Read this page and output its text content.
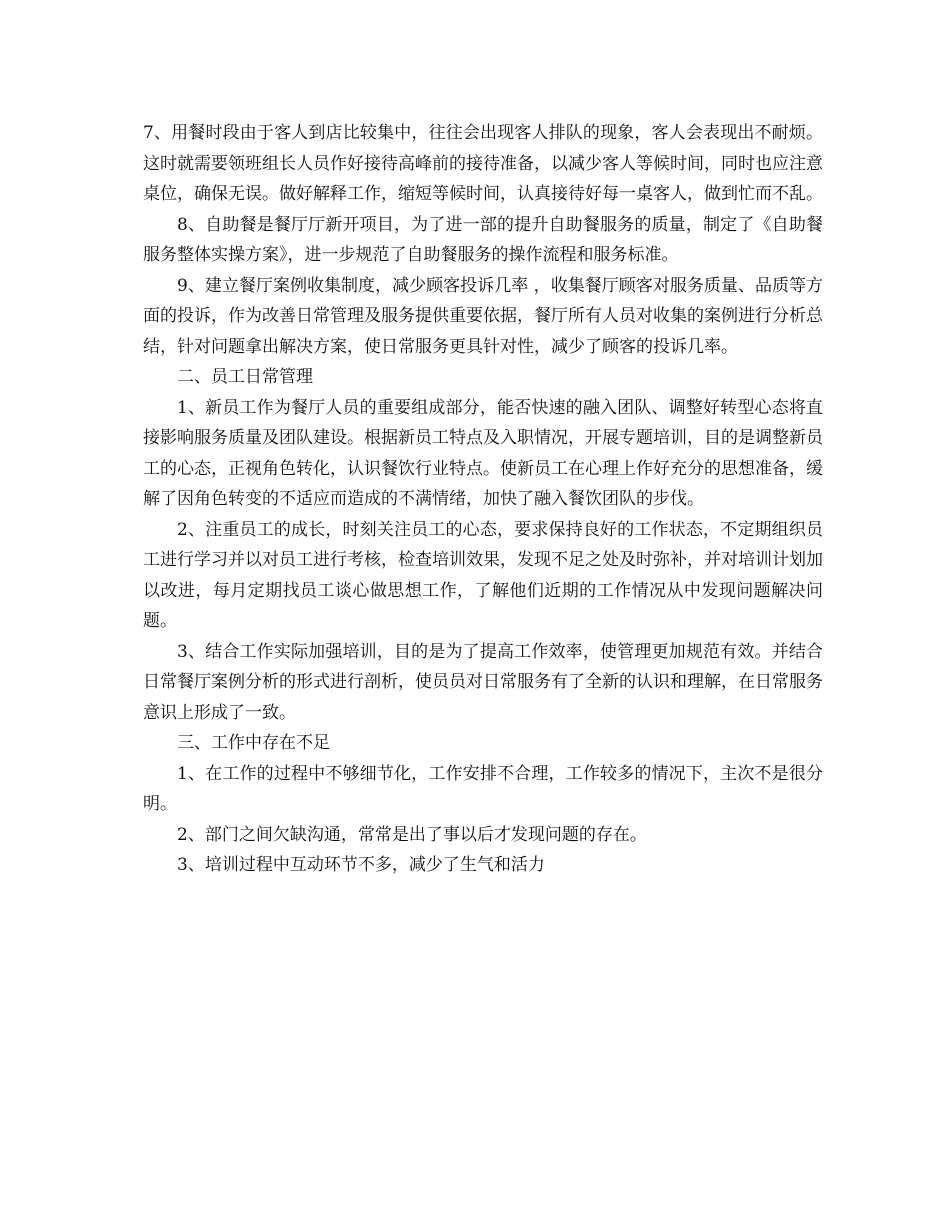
7、用餐时段由于客人到店比较集中，往往会出现客人排队的现象，客人会表现出不耐烦。这时就需要领班组长人员作好接待高峰前的接待准备，以减少客人等候时间，同时也应注意桌位，确保无误。做好解释工作，缩短等候时间，认真接待好每一桌客人，做到忙而不乱。

8、自助餐是餐厅厅新开项目，为了进一部的提升自助餐服务的质量，制定了《自助餐服务整体实操方案》，进一步规范了自助餐服务的操作流程和服务标准。

9、建立餐厅案例收集制度，减少顾客投诉几率 ，收集餐厅顾客对服务质量、品质等方面的投诉，作为改善日常管理及服务提供重要依据，餐厅所有人员对收集的案例进行分析总结，针对问题拿出解决方案，使日常服务更具针对性，减少了顾客的投诉几率。

二、员工日常管理

1、新员工作为餐厅人员的重要组成部分，能否快速的融入团队、调整好转型心态将直接影响服务质量及团队建设。根据新员工特点及入职情况，开展专题培训，目的是调整新员工的心态，正视角色转化，认识餐饮行业特点。使新员工在心理上作好充分的思想准备，缓解了因角色转变的不适应而造成的不满情绪，加快了融入餐饮团队的步伐。

2、注重员工的成长，时刻关注员工的心态，要求保持良好的工作状态，不定期组织员工进行学习并以对员工进行考核，检查培训效果，发现不足之处及时弥补，并对培训计划加以改进，每月定期找员工谈心做思想工作，了解他们近期的工作情况从中发现问题解决问题。

3、结合工作实际加强培训，目的是为了提高工作效率，使管理更加规范有效。并结合日常餐厅案例分析的形式进行剖析，使员员对日常服务有了全新的认识和理解，在日常服务意识上形成了一致。

三、工作中存在不足

1、在工作的过程中不够细节化，工作安排不合理，工作较多的情况下，主次不是很分明。

2、部门之间欠缺沟通，常常是出了事以后才发现问题的存在。

3、培训过程中互动环节不多，减少了生气和活力
